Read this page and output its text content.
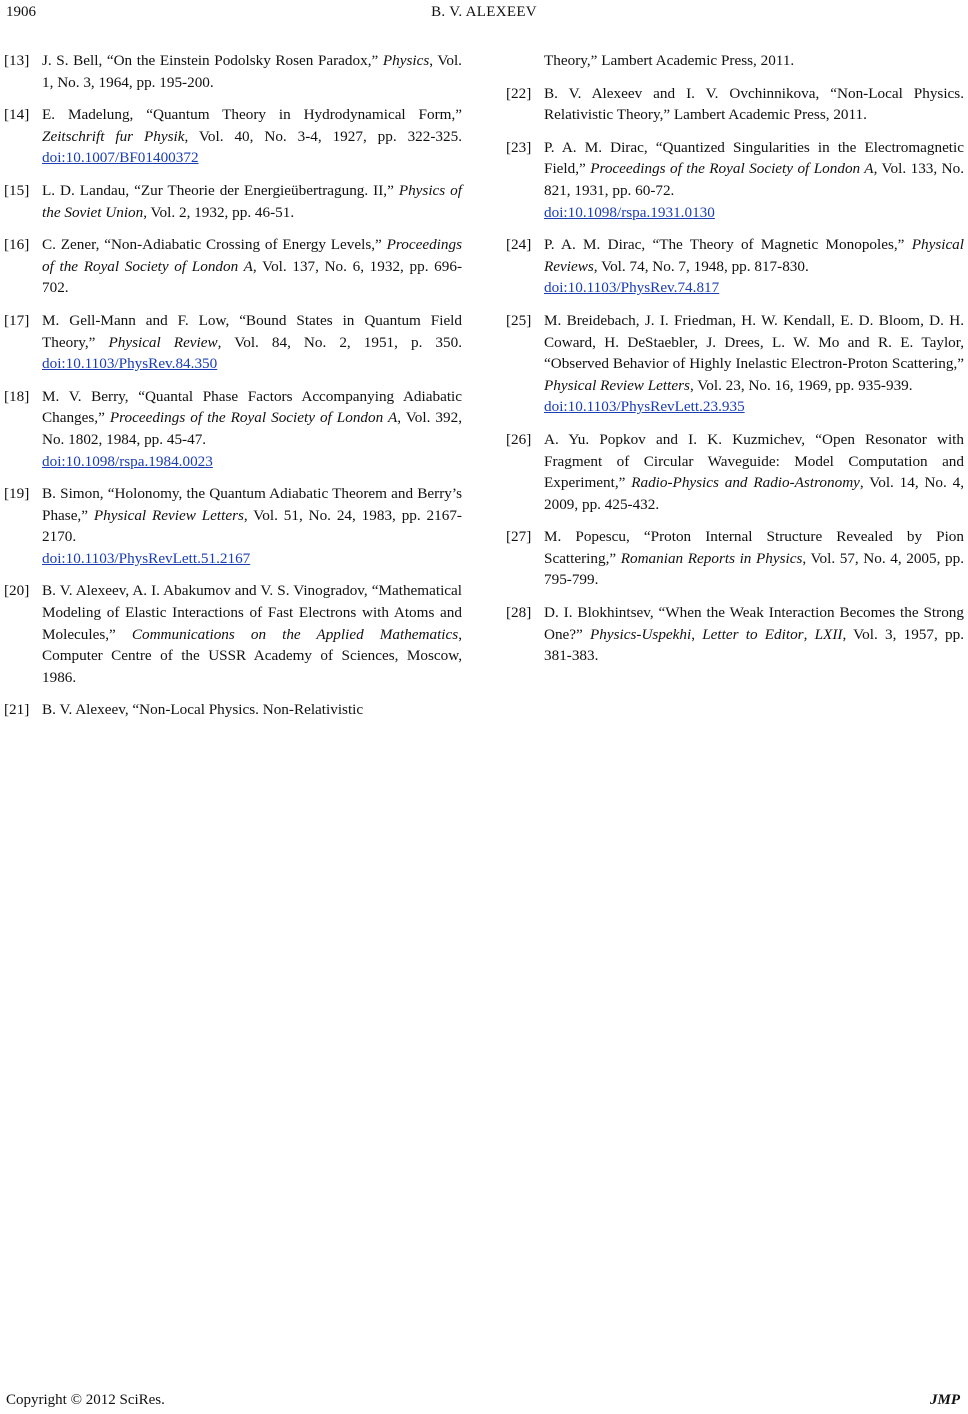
1906	B. V. ALEXEEV
[13] J. S. Bell, “On the Einstein Podolsky Rosen Paradox,” Physics, Vol. 1, No. 3, 1964, pp. 195-200.
[14] E. Madelung, “Quantum Theory in Hydrodynamical Form,” Zeitschrift fur Physik, Vol. 40, No. 3-4, 1927, pp. 322-325. doi:10.1007/BF01400372
[15] L. D. Landau, “Zur Theorie der Energieübertragung. II,” Physics of the Soviet Union, Vol. 2, 1932, pp. 46-51.
[16] C. Zener, “Non-Adiabatic Crossing of Energy Levels,” Proceedings of the Royal Society of London A, Vol. 137, No. 6, 1932, pp. 696-702.
[17] M. Gell-Mann and F. Low, “Bound States in Quantum Field Theory,” Physical Review, Vol. 84, No. 2, 1951, p. 350. doi:10.1103/PhysRev.84.350
[18] M. V. Berry, “Quantal Phase Factors Accompanying Adiabatic Changes,” Proceedings of the Royal Society of London A, Vol. 392, No. 1802, 1984, pp. 45-47.
doi:10.1098/rspa.1984.0023
[19] B. Simon, “Holonomy, the Quantum Adiabatic Theorem and Berry’s Phase,” Physical Review Letters, Vol. 51, No. 24, 1983, pp. 2167-2170.
doi:10.1103/PhysRevLett.51.2167
[20] B. V. Alexeev, A. I. Abakumov and V. S. Vinogradov, “Mathematical Modeling of Elastic Interactions of Fast Electrons with Atoms and Molecules,” Communications on the Applied Mathematics, Computer Centre of the USSR Academy of Sciences, Moscow, 1986.
[21] B. V. Alexeev, “Non-Local Physics. Non-Relativistic
Theory,” Lambert Academic Press, 2011.
[22] B. V. Alexeev and I. V. Ovchinnikova, “Non-Local Physics. Relativistic Theory,” Lambert Academic Press, 2011.
[23] P. A. M. Dirac, “Quantized Singularities in the Electromagnetic Field,” Proceedings of the Royal Society of London A, Vol. 133, No. 821, 1931, pp. 60-72.
doi:10.1098/rspa.1931.0130
[24] P. A. M. Dirac, “The Theory of Magnetic Monopoles,” Physical Reviews, Vol. 74, No. 7, 1948, pp. 817-830.
doi:10.1103/PhysRev.74.817
[25] M. Breidebach, J. I. Friedman, H. W. Kendall, E. D. Bloom, D. H. Coward, H. DeStaebler, J. Drees, L. W. Mo and R. E. Taylor, “Observed Behavior of Highly Inelastic Electron-Proton Scattering,” Physical Review Letters, Vol. 23, No. 16, 1969, pp. 935-939.
doi:10.1103/PhysRevLett.23.935
[26] A. Yu. Popkov and I. K. Kuzmichev, “Open Resonator with Fragment of Circular Waveguide: Model Computation and Experiment,” Radio-Physics and Radio-Astronomy, Vol. 14, No. 4, 2009, pp. 425-432.
[27] M. Popescu, “Proton Internal Structure Revealed by Pion Scattering,” Romanian Reports in Physics, Vol. 57, No. 4, 2005, pp. 795-799.
[28] D. I. Blokhintsev, “When the Weak Interaction Becomes the Strong One?” Physics-Uspekhi, Letter to Editor, LXII, Vol. 3, 1957, pp. 381-383.
Copyright © 2012 SciRes.	JMP
